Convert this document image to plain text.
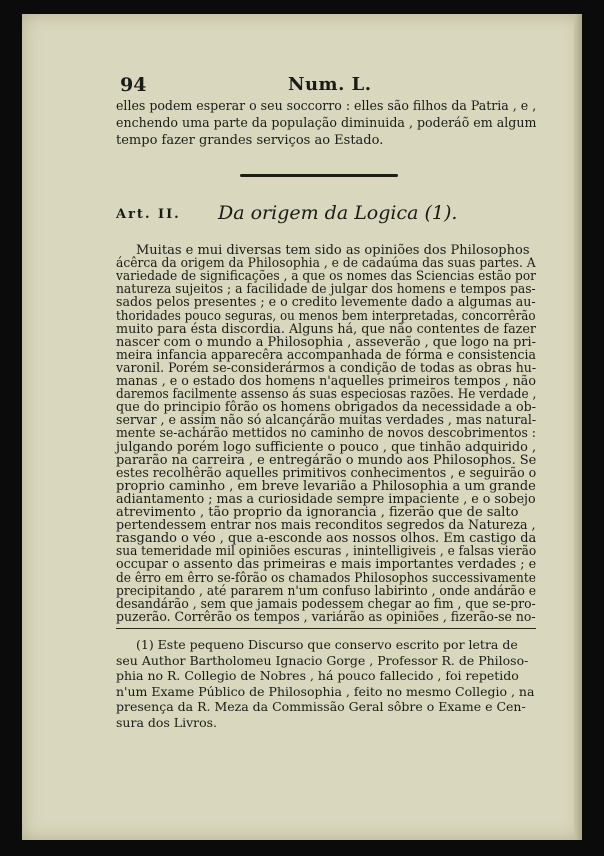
94	Num. L.
elles podem esperar o seu soccorro : elles são filhos da Patria , e ,
enchendo uma parte da população diminuida , poderáõ em algum
tempo fazer grandes serviços ao Estado.
Art. II. Da origem da Logica (1).
Muitas e mui diversas tem sido as opiniões dos Philosophos
ácêrca da origem da Philosophia , e de cadaúma das suas partes. A
variedade de significações , a que os nomes das Sciencias estão por
natureza sujeitos ; a facilidade de julgar dos homens e tempos pas-
sados pelos presentes ; e o credito levemente dado a algumas au-
thoridades pouco seguras, ou menos bem interpretadas, concorrêrão
muito para ésta discordia. Alguns há, que não contentes de fazer
nascer com o mundo a Philosophia , asseverão , que logo na pri-
meira infancia apparecêra accompanhada de fórma e consistencia
varonil. Porém se-considerármos a condição de todas as obras hu-
manas , e o estado dos homens n'aquelles primeiros tempos , não
daremos facilmente assenso ás suas especiosas razões. He verdade ,
que do principio fôrão os homens obrigados da necessidade a ob-
servar , e assim não só alcançárão muitas verdades , mas natural-
mente se-achárão mettidos no caminho de novos descobrimentos :
julgando porém logo sufficiente o pouco , que tinhão adquirido ,
pararão na carreira , e entregárão o mundo aos Philosophos. Se
estes recolhêrão aquelles primitivos conhecimentos , e seguirão o
proprio caminho , em breve levarião a Philosophia a um grande
adiantamento ; mas a curiosidade sempre impaciente , e o sobejo
atrevimento , tão proprio da ignorancia , fizerão que de salto
pertendessem entrar nos mais reconditos segredos da Natureza ,
rasgando o véo , que a-esconde aos nossos olhos. Em castigo da
sua temeridade mil opiniões escuras , inintelligiveis , e falsas vierão
occupar o assento das primeiras e mais importantes verdades ; e
de êrro em êrro se-fôrão os chamados Philosophos successivamente
precipitando , até pararem n'um confuso labirinto , onde andárão e
desandárão , sem que jamais podessem chegar ao fim , que se-pro-
puzerão. Corrêrão os tempos , variárão as opiniões , fizerão-se no-
(1) Este pequeno Discurso que conservo escrito por letra de
seu Author Bartholomeu Ignacio Gorge , Professor R. de Philoso-
phia no R. Collegio de Nobres , há pouco fallecido , foi repetido
n'um Exame Público de Philosophia , feito no mesmo Collegio , na
presença da R. Meza da Commissão Geral sôbre o Exame e Cen-
sura dos Livros.
